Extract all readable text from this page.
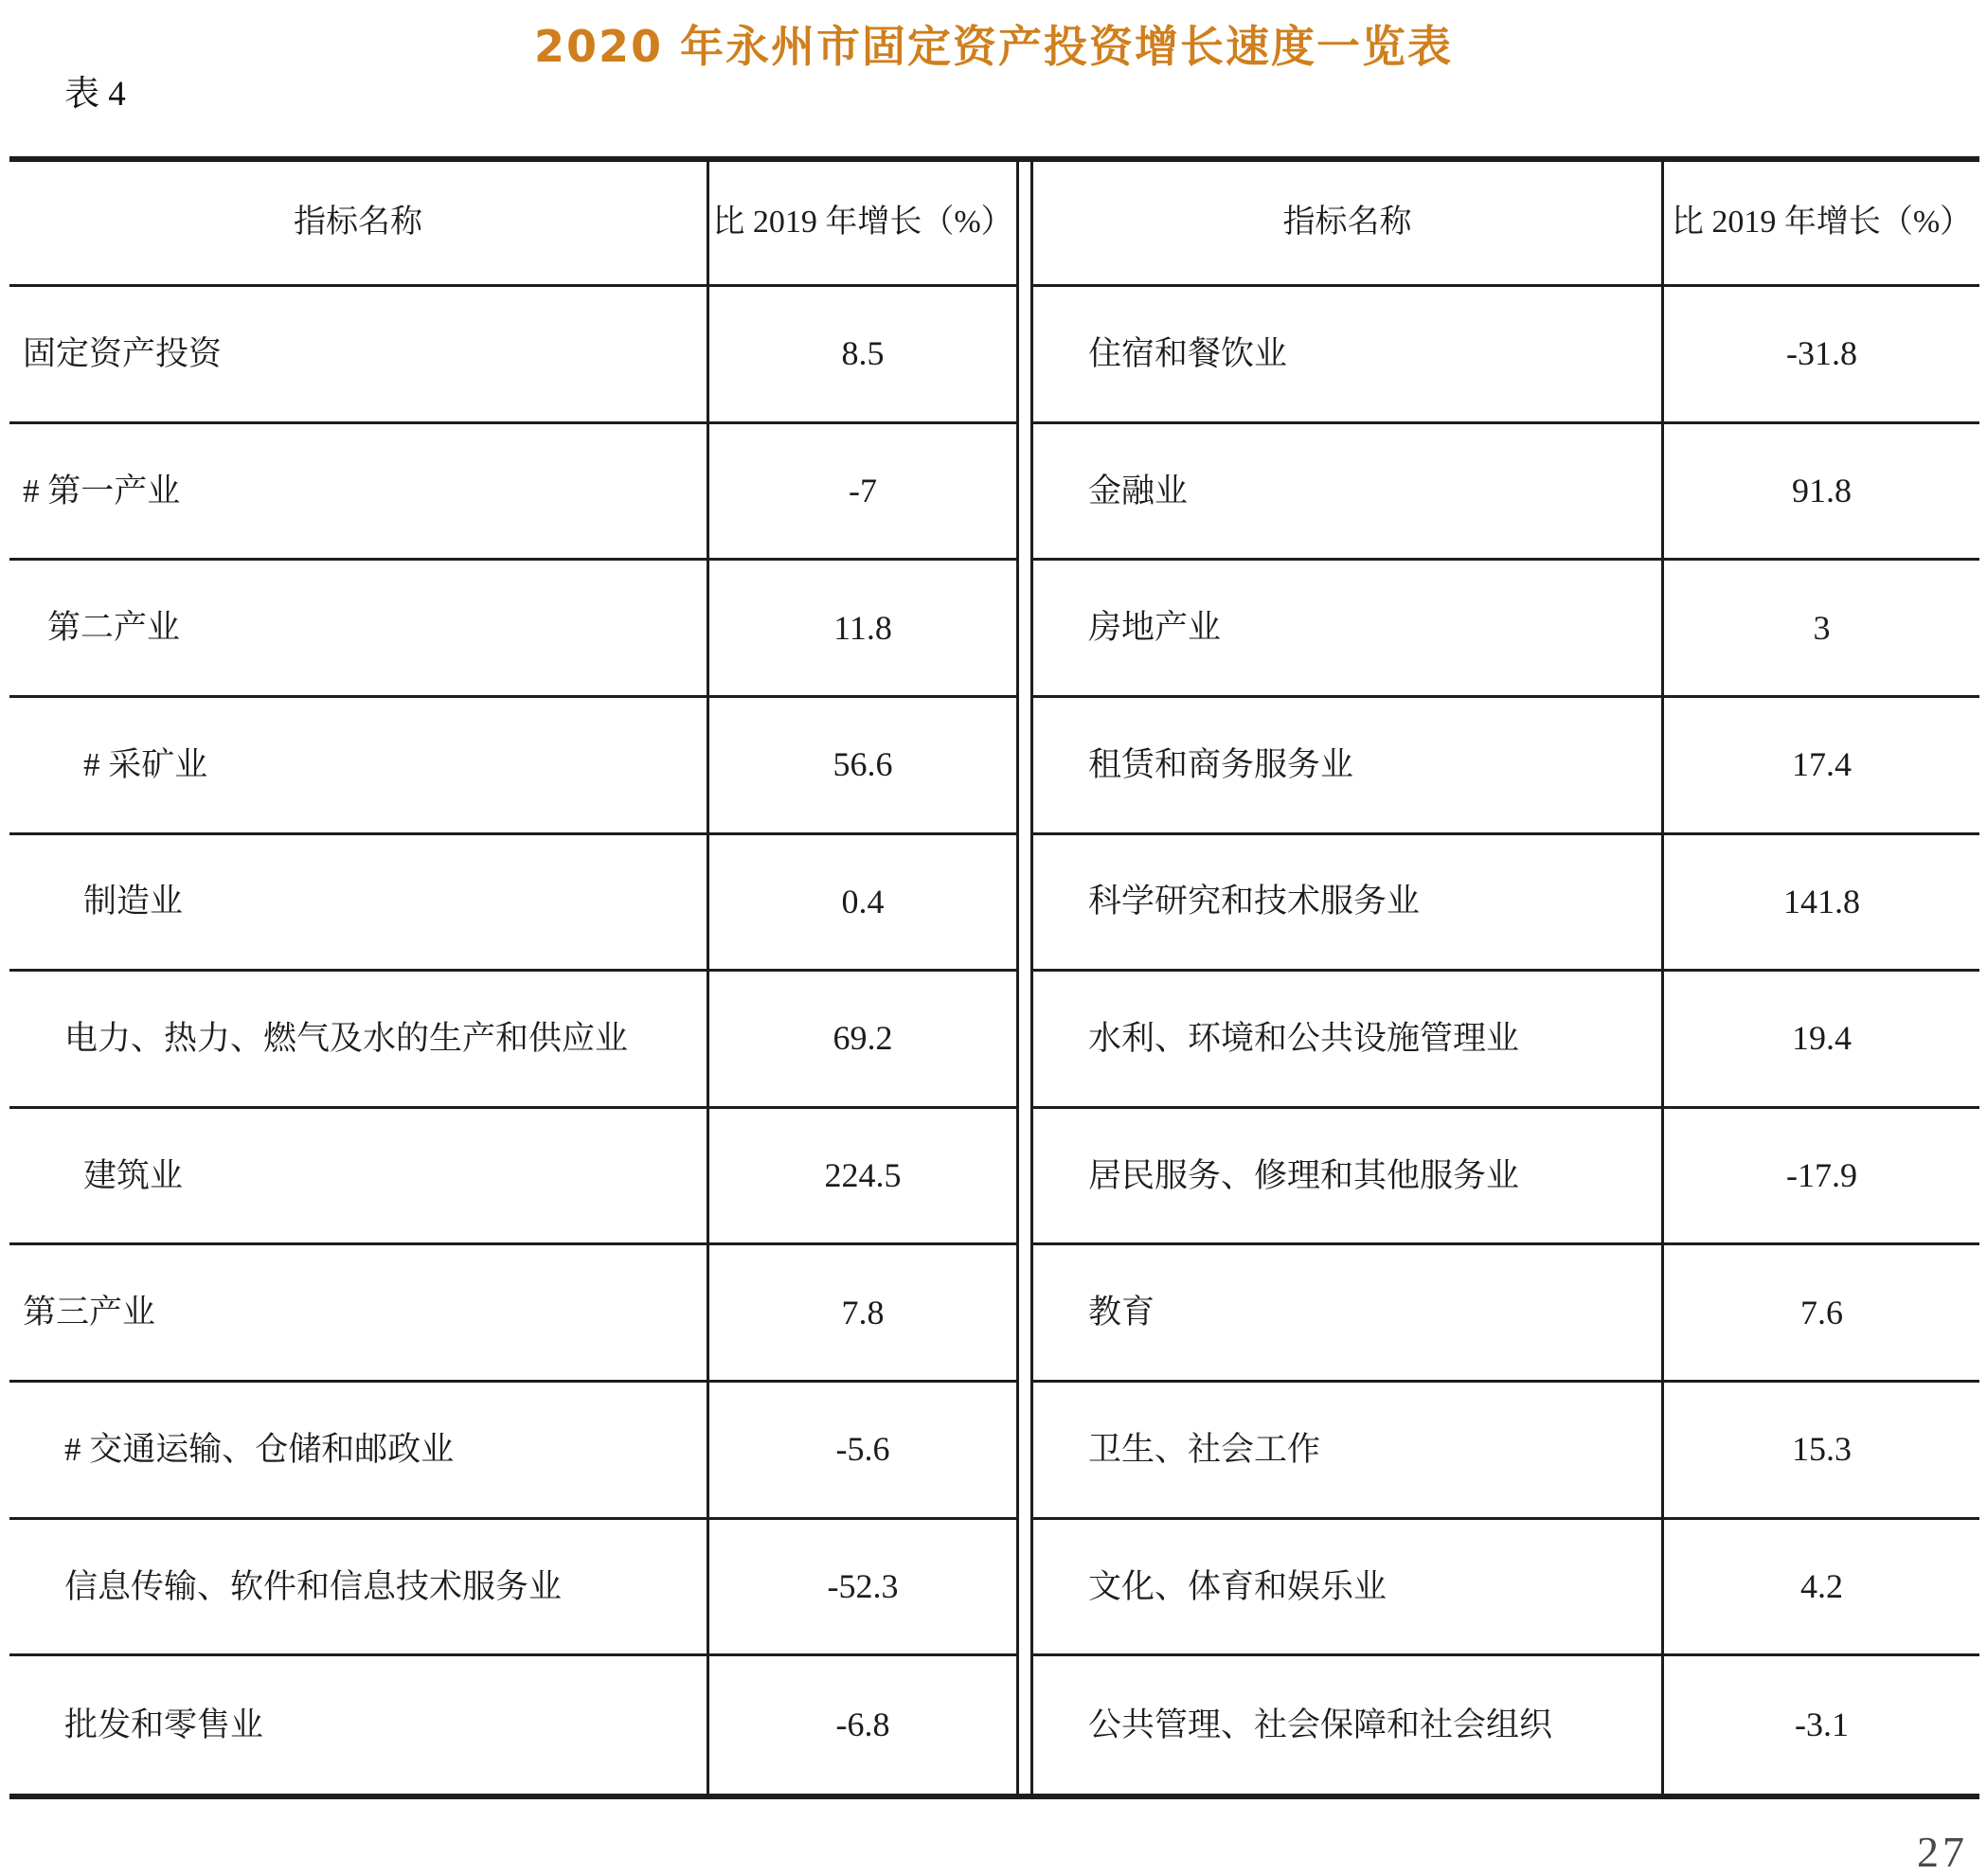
2020 年永州市固定资产投资增长速度一览表
表 4
指标名称	比 2019 年增长（%）	指标名称	比 2019 年增长（%）
固定资产投资	8.5	住宿和餐饮业	-31.8
# 第一产业	-7	金融业	91.8
第二产业	11.8	房地产业	3
# 采矿业	56.6	租赁和商务服务业	17.4
制造业	0.4	科学研究和技术服务业	141.8
电力、热力、燃气及水的生产和供应业	69.2	水利、环境和公共设施管理业	19.4
建筑业	224.5	居民服务、修理和其他服务业	-17.9
第三产业	7.8	教育	7.6
# 交通运输、仓储和邮政业	-5.6	卫生、社会工作	15.3
信息传输、软件和信息技术服务业	-52.3	文化、体育和娱乐业	4.2
批发和零售业	-6.8	公共管理、社会保障和社会组织	-3.1
27
